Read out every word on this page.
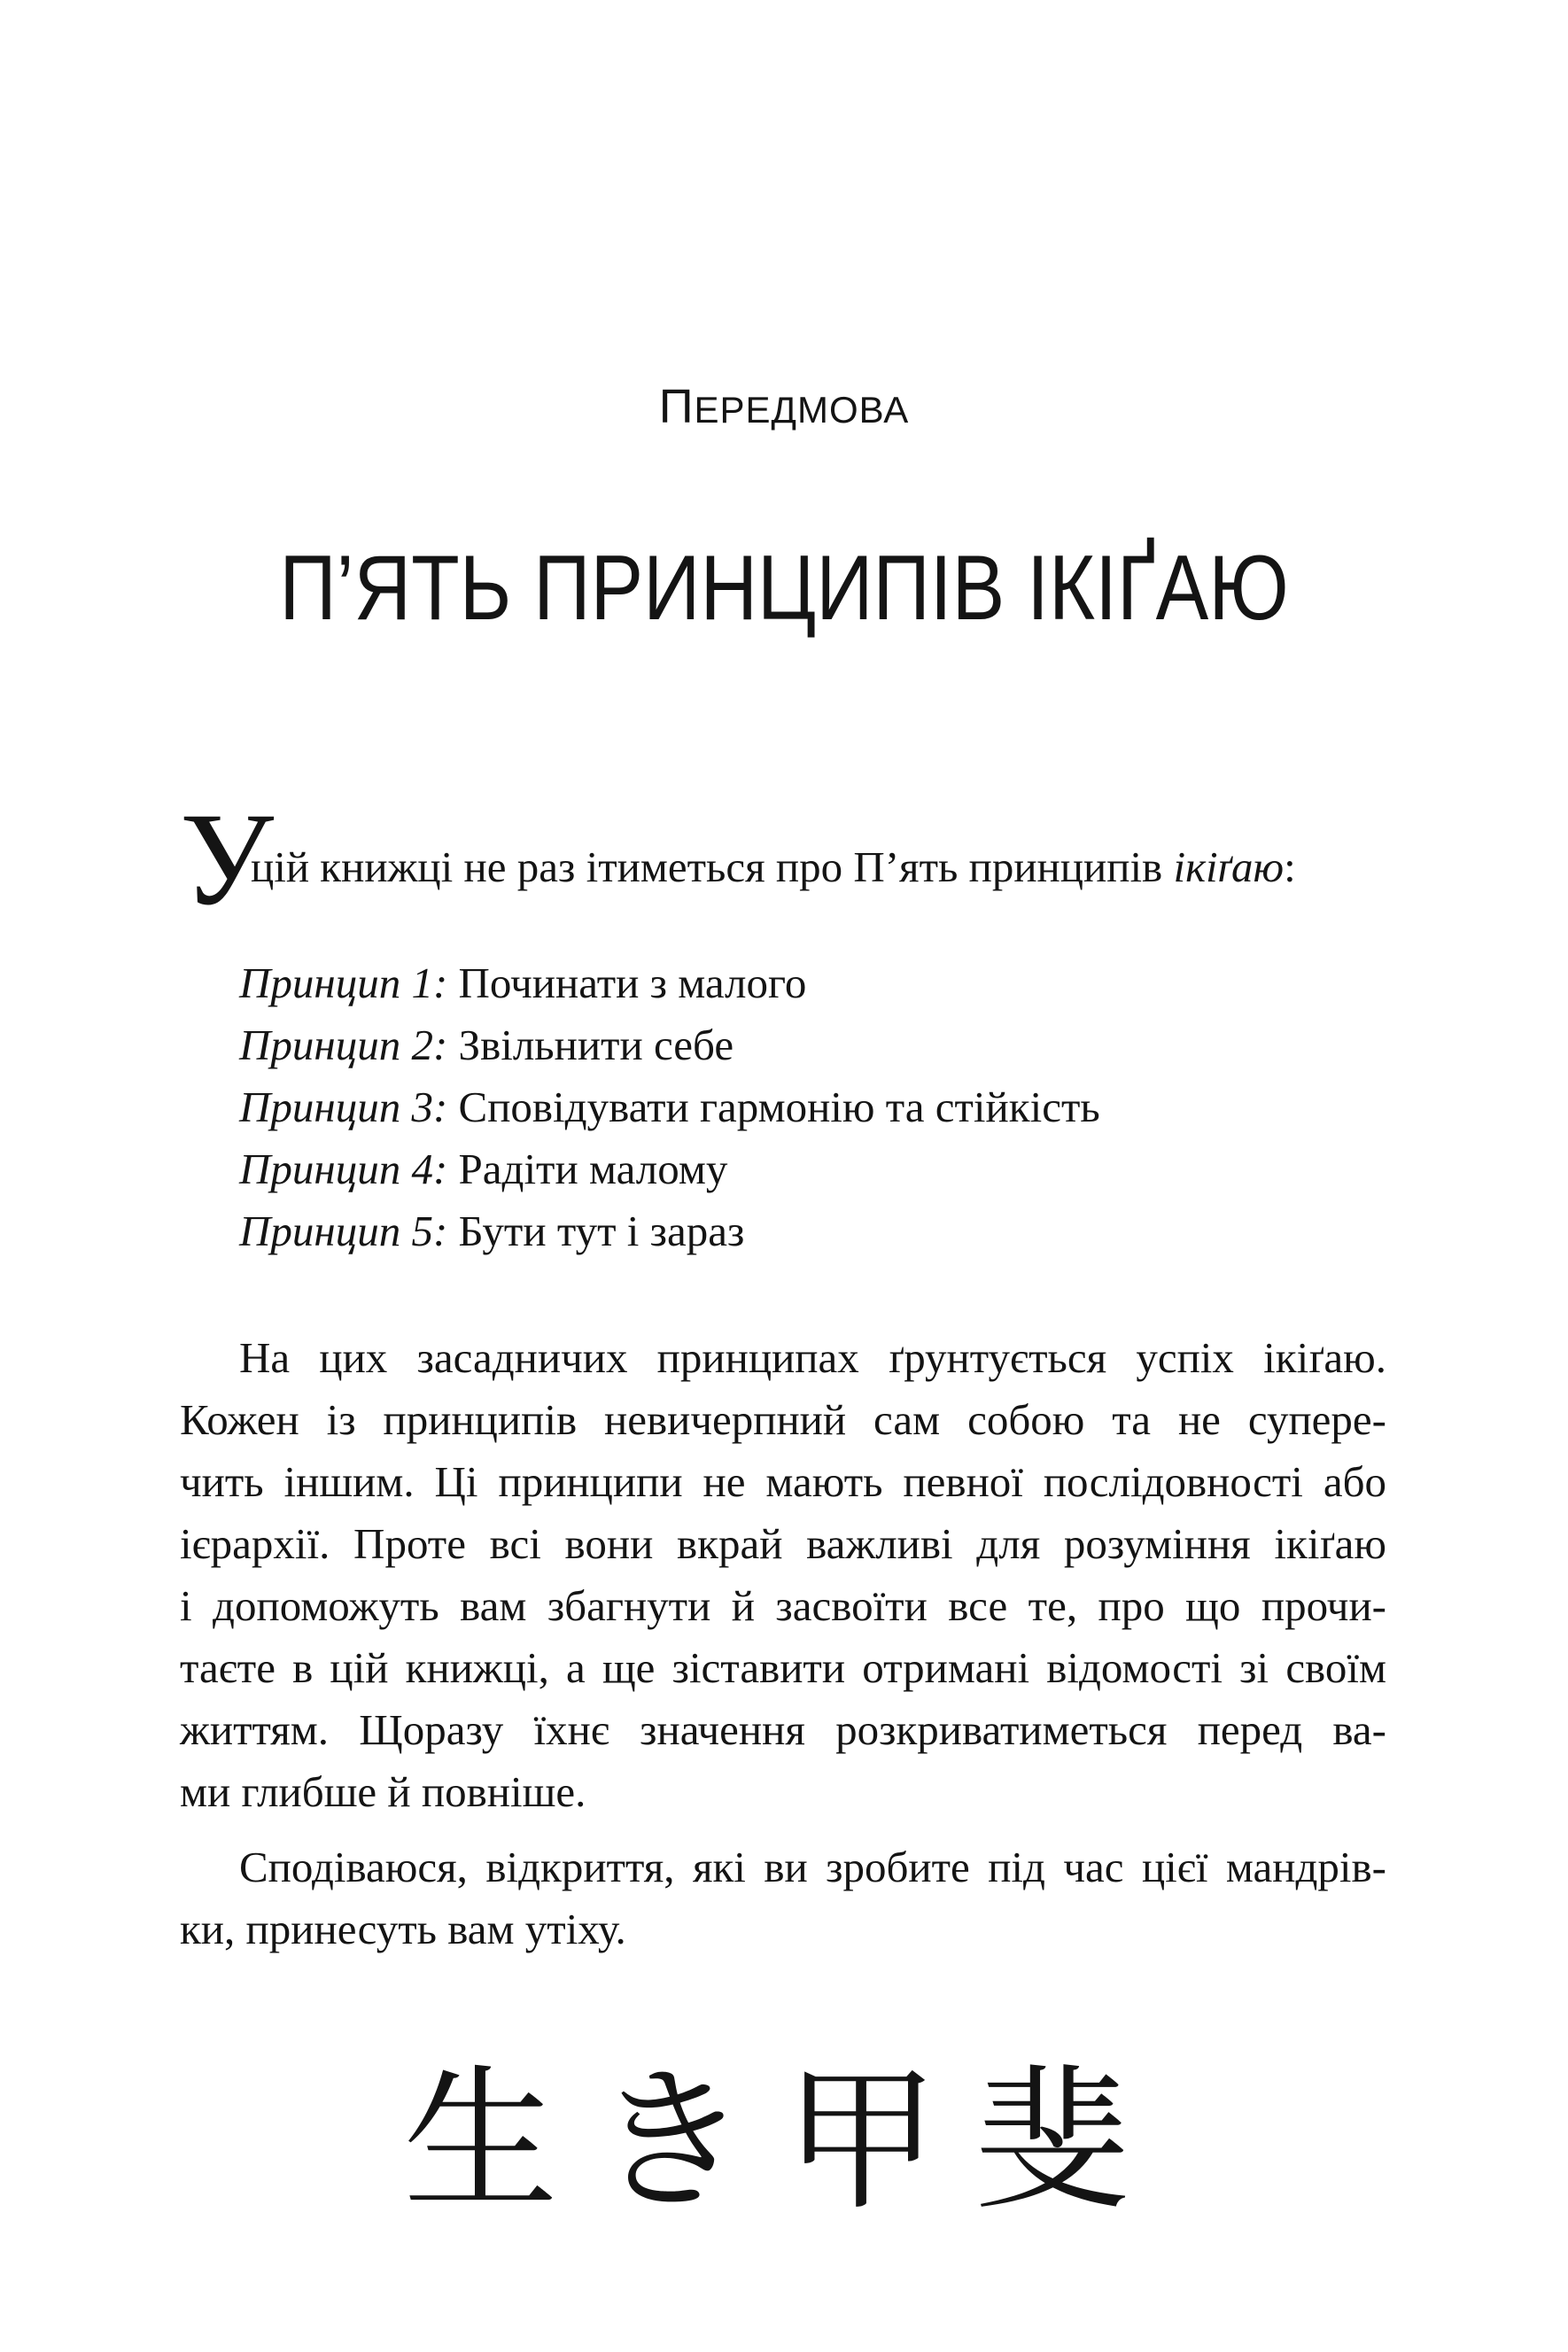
ПЕРЕДМОВА
П’ЯТЬ ПРИНЦИПІВ ІКІҐАЮ
У
цій книжці не раз ітиметься про П’ять принципів ікіґаю:
Принцип 1: Починати з малого
Принцип 2: Звільнити себе
Принцип 3: Сповідувати гармонію та стійкість
Принцип 4: Радіти малому
Принцип 5: Бути тут і зараз

На цих засадничих принципах ґрунтується успіх ікіґаю.
Кожен із принципів невичерпний сам собою та не супере-
чить іншим. Ці принципи не мають певної послідовності або
ієрархії. Проте всі вони вкрай важливі для розуміння ікіґаю
і допоможуть вам збагнути й засвоїти все те, про що прочи-
таєте в цій книжці, а ще зіставити отримані відомості зі своїм
життям. Щоразу їхнє значення розкриватиметься перед ва-
ми глибше й повніше.

Сподіваюся, відкриття, які ви зробите під час цієї мандрів-
ки, принесуть вам утіху.

生き甲斐
